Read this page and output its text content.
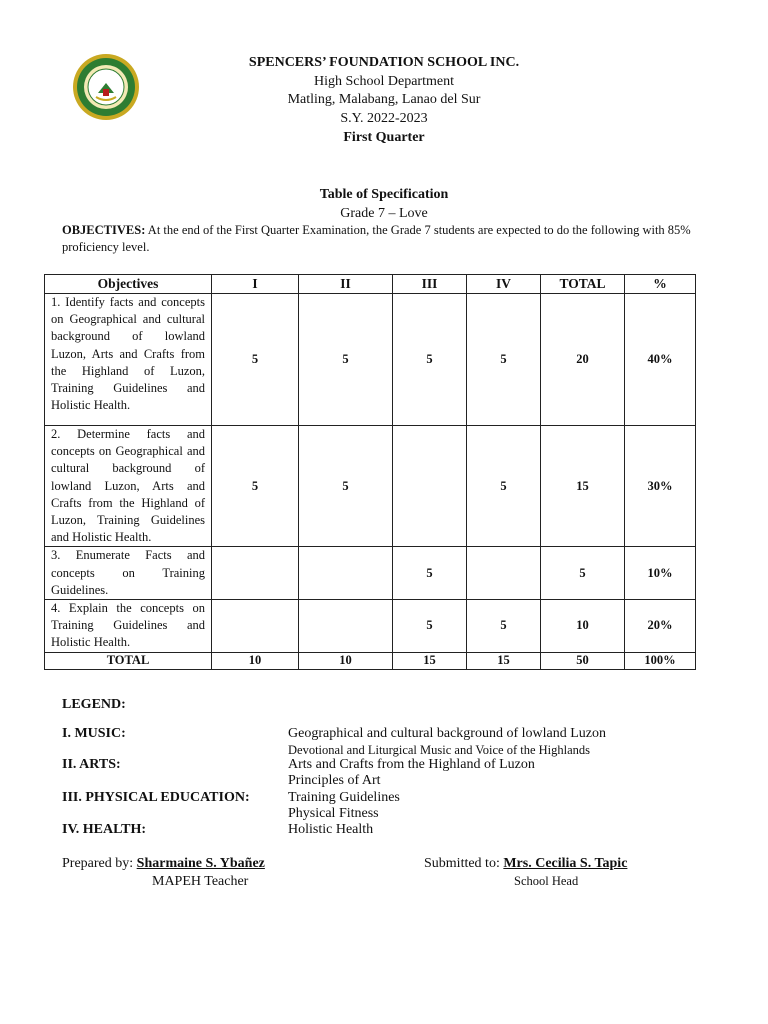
SPENCERS’ FOUNDATION SCHOOL INC.
High School Department
Matling, Malabang, Lanao del Sur
S.Y. 2022-2023
First Quarter
Table of Specification
Grade 7 – Love
OBJECTIVES: At the end of the First Quarter Examination, the Grade 7 students are expected to do the following with 85% proficiency level.
Objectives	I	II	III	IV	TOTAL	%
1. Identify facts and concepts on Geographical and cultural background of lowland Luzon, Arts and Crafts from the Highland of Luzon, Training Guidelines and Holistic Health.	5	5	5	5	20	40%
2. Determine facts and concepts on Geographical and cultural background of lowland Luzon, Arts and Crafts from the Highland of Luzon, Training Guidelines and Holistic Health.	5	5		5	15	30%
3. Enumerate Facts and concepts on Training Guidelines.			5		5	10%
4. Explain the concepts on Training Guidelines and Holistic Health.			5	5	10	20%
TOTAL	10	10	15	15	50	100%
LEGEND:
I. MUSIC:	Geographical and cultural background of lowland Luzon
Devotional and Liturgical Music and Voice of the Highlands
II. ARTS:	Arts and Crafts from the Highland of Luzon
Principles of Art
III. PHYSICAL EDUCATION:	Training Guidelines
Physical Fitness
IV. HEALTH:	Holistic Health
Prepared by: Sharmaine S. Ybañez
MAPEH Teacher
Submitted to: Mrs. Cecilia S. Tapic
School Head
